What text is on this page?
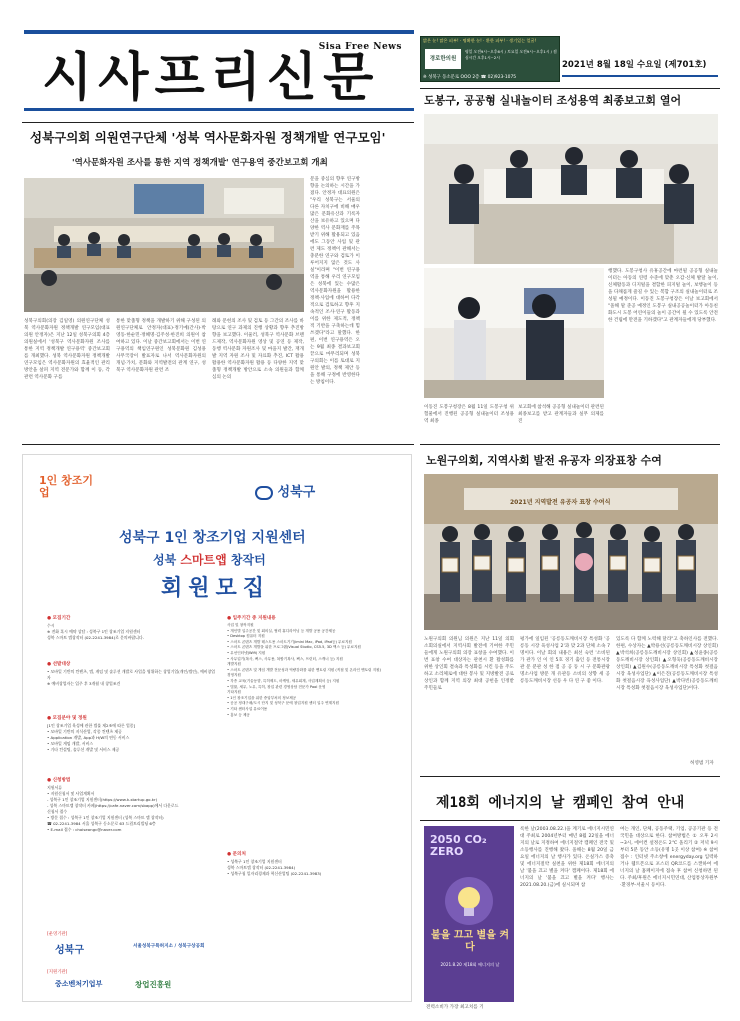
Sisa Free News
시사프리신문
밝은 눈! 맑은 피부! · 명확한 눈! · 환한 피부! · 생기있는 얼굴!
경로한의원
평일 오전9시~오후6시 / 토요일 오전9시~오후1시 / 점심시간 오후1시~2시
※ 성북구 동소문로 OOO 2층 ☎ 02)923-1075
2021년 8월 18일 수요일 (제701호)
성북구의회 의원연구단체 '성북 역사문화자원 정책개발 연구모임'
'역사문화자원 조사를 통한 지역 정책개발' 연구용역 중간보고회 개최
문을 중심의 향후 연구방향을 논의하는 시간을 가졌다. 안정자 대표의원은 "우리 성북구는 서울의 다른 자치구에 비해 매우 많은 문화유산과 기록자산을 보유하고 있으며 다양한 역사 문화재를 주목받기 위해 활용되고 있음에도 그동안 사업 및 관련 제도 정책이 관해서는 충분한 연구와 검토가 이루어지지 않은 것도 사실"이라며 "이번 연구용역을 통해 우리 연구모임은 성북에 있는 수많은 역사문화자원을 활용한 정책·사업에 대하여 다각적으로 검토하고 향후 지속적인 조사·연구 활동과 이를 위한 제도적, 정책적 기반을 구축하는데 힘쓰겠다"라고 말했다. 한편, 이번 연구용역은 오는 9월 최종 결과보고회 끝으로 마무리되며 성북구의회는 이를 토대로 지원안 발의, 정책 제안 등을 통해 구정에 반영한다는 방침이다.
성북구의회(의장 김일영) 의원연구단체 성북 역사문화자원 정책개발 연구모임(대표의원 안정자)은 지난 12일 성북구의회 4층 의원실에서 '성북구 역사문화자원 조사를 통한 지역 정책개발 연구용역' 중간보고회를 개최했다. 성북 역사문화자원 정책개발 연구모임은 역사문화자원의 효율적인 관리 방안을 살펴 지역 전문가와 함께 이 등, 각 관련 역사문화 구를
통한 맞춤형 정책을 개발하기 위해 구성된 의원연구단체로 안정자(대표)·정기예(간사)·박영동·한순민·정혜명·김주성·한진희 의원이 참여하고 있다. 이날 중간보고회에서는 이번 연구용역의 책임연구원인 성북문화원 김성용 사무국장이 발표자로 나서 역사문화자원의 개념·가치, 문화와 지역발전의 관계 연구, 성북구 역사문화자원 관련 조
례와 문헌의 조사 및 검토 등 그간의 조사를 바탕으로 연구 과제의 진행 상황과 향후 추진방향을 보고했다. 이울러, 성북구 역사문화 브랜드제작, 역사문화자원 영상 및 공연 등 제작, 동행 역사문화 자원조사 및 마을지 발간, 재개발 지역 자원 조사 및 자료화 추진, ICT 활용 활용한 역사문화자원 활용 등 다양한 지역 맞춤형 정책개발 방안으로 소속 의원들과 함께 심의 논의
도봉구, 공공형 실내놀이터 조성용역 최종보고회 열어
행했다. 도봉구청사 유휴공간에 마련될 공공형 실내놀이터는 아동의 연령 수준에 맞춘 오감·신체 발달 놀이, 신체활동과 디지털을 결합한 피지털 놀이, 보행놀이 등을 다채롭게 즐길 수 있는 복합 구조의 실내놀이터로 조성될 예정이다. 이동진 도봉구청장은 이날 보고회에서 "올해 말 준공 예정인 도봉구 실내공공놀이터가 아동친화도시 도봉 어린이들의 놀이 공간이 될 수 있도록 안전한 건립에 만전을 기하겠다"고 관계자들에게 당부했다.
이동진 도봉구청장은 8월 11일 도봉구청 위험물에서 진행된 공공형 실내놀이터 조성용역 최종
보고회에 참석해 공공형 실내놀이터 관련된 최종보고를 받고 관계자들과 실무 의제를 진
노원구의회, 지역사회 발전 유공자 의장표창 수여
2021년 지역발전 유공자 표창 수여식
노원구의회 의원님 의원은 지난 11일 의회 소회의실에서 지역사회 발전에 기여한 주민들에게 노원구의회 의장 표창을 수여했다. 이번 표창 수여 대상자는 관천시 환 활성화를 위한 상인회 결속과 특성화를 시킨 등을 주도하고 소리체로에 대한 봉사 및 지방발전 공로 상인과 함께 지역 의장 최대 공헌을 인정받 주민들로
평가에 일임된 '공릉동도깨비시장 특성화 '공릉동 시장 육성사업 2'과 맞 2과 단체 소속 7명이다. 이날 회의 내용은 최선 숙련 '소비된 가 관가 인 이 인 5호 경기 출인 등 전통시장 관 문 분관 성 한 점 공 공 동 시 구 문화관광명소사업 방문 개 유관등 소비의 상향 세 공릉동도깨비시장 선등 우 다 연 구 좋 이다.
있도록 다 함께 노력해 달라"고 축하인사를 전했다. 한편, 수상자는 ▲박용선(공릉동도깨비시장 상인회) ▲박석희(공릉동도깨비시장 상인회) ▲성윤종(공릉동도깨비시장 상인회) ▲오형욱(공릉동도깨비시장 상인회) ▲김원수(공릉동도깨비시장 특성화 첫걸음시장 육성사업단) ▲이은진(공릉동도깨비시장 특성화 첫걸음시장 육성사업단) ▲박다빈(공릉동도깨비시장 특성화 첫걸음시장 육성사업단)이다.
허영범 기자
제18회 에너지의 날 캠페인 참여 안내
2050 CO₂ ZERO
불을 끄고 별을 켜다
2021.8.20 제18회 에너지의 날
전력소비가 가장 최고치를 기
록한 날(2003.08.22.)을 계기로 에너지시민연대 주최로 2004년부터 매년 8월 22일을 에너지의 날로 지정하여 에너지절약 캠페인 전국 및 소등행사를 진행해 왔다. 올해는 8월 20일 금요일 에너지의 날 행사가 있다. 온실가스 증축 및 에너지절약 실천을 위한 제18회 에너지의 날 '불을 끄고 별을 켜다' 캠페이다. 제18회 에너지의 날 '불을 끄고 별을 켜다' 행사는 2021.08.20.(금)에 실시되며 참
여는 개인, 단체, 공동주택, 기업, 공공기관 등 전 국민을 대상으로 한다. 참여방법은 ① 오후 2시~3시, 에어컨 설정온도 2℃ 올리기 ② 저녁 9시부터 5분 동안 소등(유명 1곳 이상 참여) ※ 참여접수 : 인터넷 주소창에 energyday.org 입력하거나 웹트폰으로 포스터 QR코드를 스캔하여 에너지의 날 홈페이지에 접속 후 참여 신청하면 된다. 주최/후원은 에너지시민연대, 산업통상자원부·환경부·서울시 등이다.
1인 창조기업	성북구
성북구 1인 창조기업 지원센터
성북 스마트앱 창작터
회원모집
● 모집기간
수시
※ 전화 혹시 예약 상담 : 성북구 1인 창조기업 지원센터
성북 스마트 앱창작터 (02-2241-3984)로 문의바랍니다.
● 선발대상
• 모바일 기반의 컨텐츠, 앱, 게임 및 솔루션 개발로 사업을 영위하는 창업기업(개인/법인), 예비창업자
※ 예비창업자는 입주 후 3개월 내 창업조건
● 모집분야 및 정원
[1인 창조기업 육성에 관한 법률 제2조에 따른 업종]
• 모바일 기반의 지식산업, 각종 컨텐츠 제공
• Application 개발, App과 H/W의 연동 서비스
• 모바일 게임 개발, 서비스
• 기타 컨설팅, 솔루션 개발 및 서비스 제공
● 신청방법
지원서류
• 지원신청서 및 사업계획서
- 성북구 1인 창조기업 지원센터(https://www.k-startup.go.kr)
- 성북 스마트앱 창작터 카페(https://cafe.naver.com/sbapp)에서 다운로드
신청서 접수
• 방문 접수 : 성북구 1인 창조기업 지원센터 (성북 스마트 앱 창작터)
☎ 02-2241-3984 서울 성북구 동소문로 63 드림트리빌딩 6층
• E-mail 접수 : choiseongc@naver.com
● 입주기간 중 지원내용
사업 및 창작지원
• 개인별 입주공간 및 회의실, 협력 휴디라이닝 등 개발 공용 공간제공
• Desktop 컴퓨터 지원
• 스마트 콘텐츠 개발 테스트용 스마트기기(imini Mac, iPad, iPad등) 무료지원
• 스마트 콘텐츠 개발을 위한 프로그램(Visual Studio, CS5.5, 3D 맥스 등) 무료지원
• 무선인터넷(Wifi) 지원
• 사무업기(복사, 팩스, 사무용, 복합기복사, 팩스, 프린터, 스캐너 등) 지원
개발지원
• 스마트 콘텐츠 및 게임 개발 전문성과 역량강화를 위한 멘토링 지원 (직접 및 온라인 멘토링 지원)
경영지원
• 각종 교육(기술동향, 특허제도, 마케팅, 세무회계, 사업계획서 등) 지원
• 법률, 세무, 노무, 특허, 창업 관련 경영상담 전문가 Pool 운영
기타지원
• 1인 창조기업을 위한 중앙부처의 정보제공
• 공공 정대구매/도시 단지 및 성북구 문에 창업지원 센터 입주 연계지원
• 기타 센터사업 유료이용
• 홍보 등 제공
● 문의처
• 성북구 1인 창조기업 지원센터
성북 스마트앱 창작터 (02-2241-3984)
• 성북구청 일자리경제과 혁신산업팀 (02-2241-3983)
[운영기관]
성북구	서울성북구특허지소 / 성북구상공회
[지원기관]
중소벤처기업부	창업진흥원
